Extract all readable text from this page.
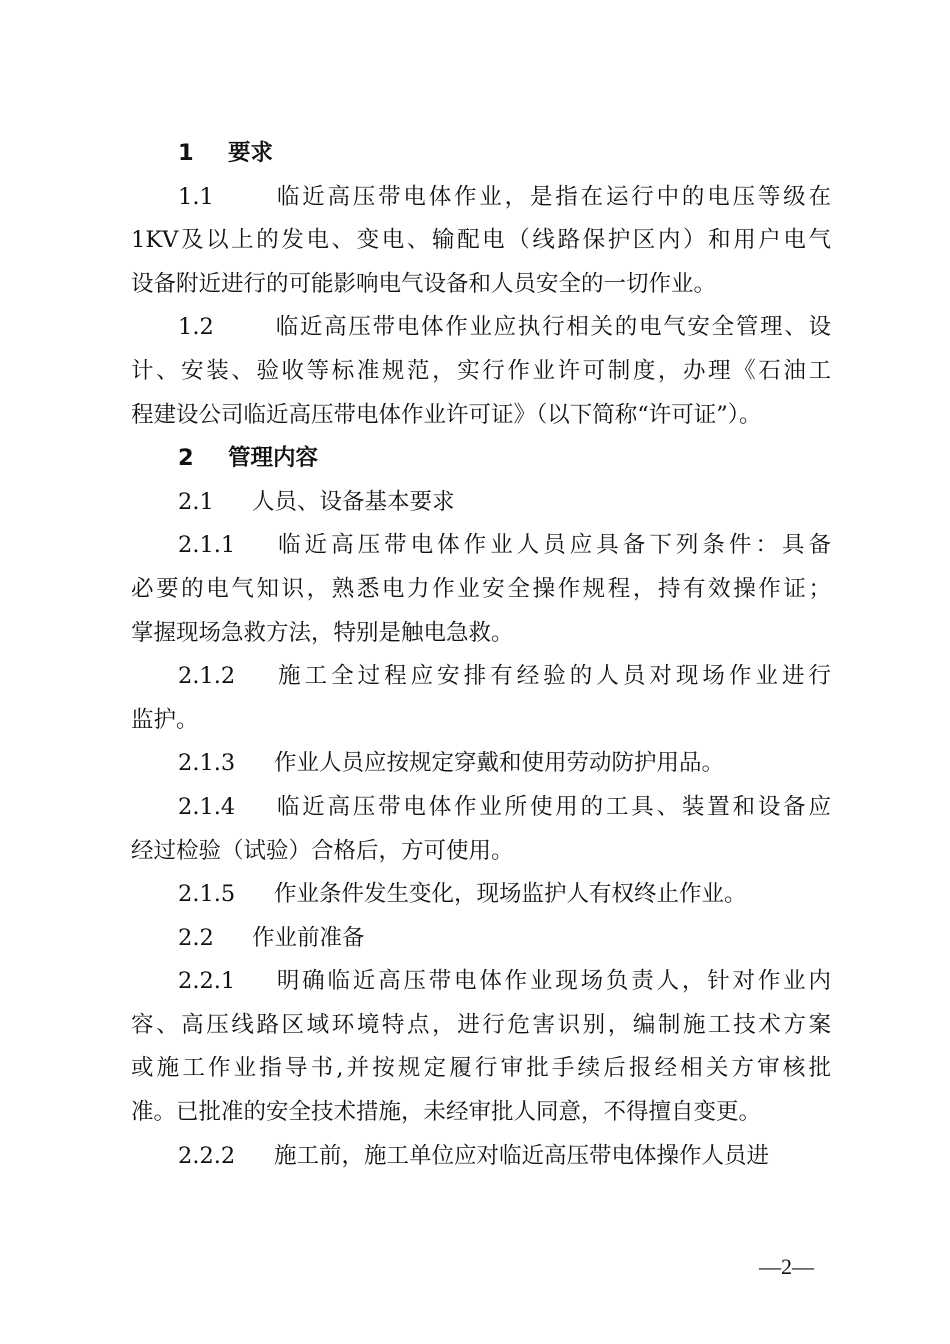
1 要求
1.1	临近高压带电体作业，是指在运行中的电压等级在
1KV及以上的发电、变电、输配电（线路保护区内）和用户电气
设备附近进行的可能影响电气设备和人员安全的一切作业。
1.2	临近高压带电体作业应执行相关的电气安全管理、设
计、安装、验收等标准规范，实行作业许可制度，办理《石油工
程建设公司临近高压带电体作业许可证》（以下简称“许可证”）。
2 管理内容
2.1 人员、设备基本要求
2.1.1 临近高压带电体作业人员应具备下列条件：具备
必要的电气知识，熟悉电力作业安全操作规程，持有效操作证；
掌握现场急救方法，特别是触电急救。
2.1.2 施工全过程应安排有经验的人员对现场作业进行
监护。
2.1.3 作业人员应按规定穿戴和使用劳动防护用品。
2.1.4 临近高压带电体作业所使用的工具、装置和设备应
经过检验（试验）合格后，方可使用。
2.1.5 作业条件发生变化，现场监护人有权终止作业。
2.2 作业前准备
2.2.1 明确临近高压带电体作业现场负责人，针对作业内
容、高压线路区域环境特点，进行危害识别，编制施工技术方案
或施工作业指导书,并按规定履行审批手续后报经相关方审核批
准。已批准的安全技术措施，未经审批人同意，不得擅自变更。
2.2.2 施工前，施工单位应对临近高压带电体操作人员进
—2—
